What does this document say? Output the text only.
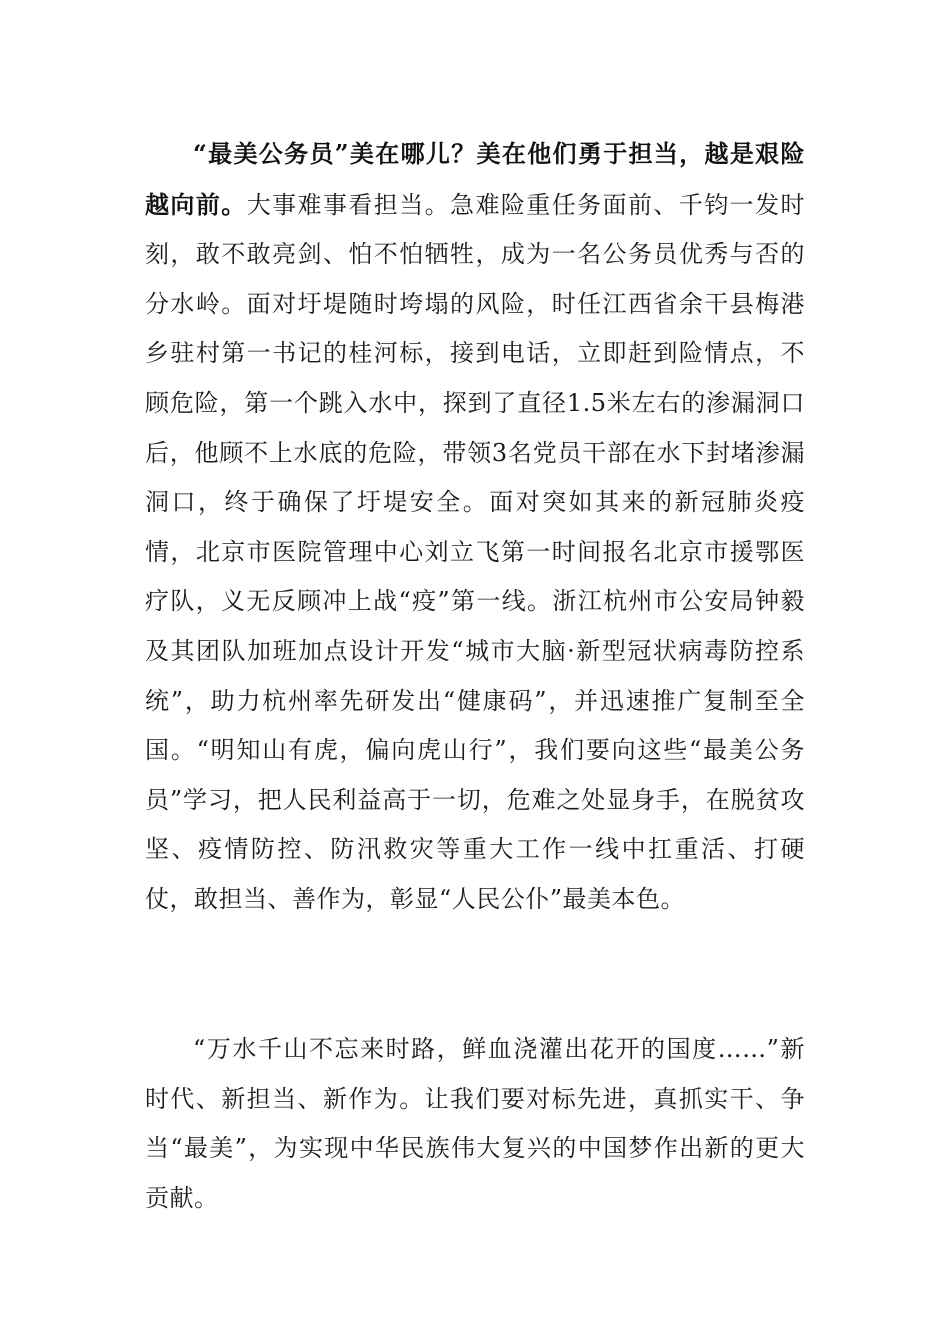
“最美公务员”美在哪儿？美在他们勇于担当，越是艰险越向前。大事难事看担当。急难险重任务面前、千钧一发时刻，敢不敢亮剑、怕不怕牺牲，成为一名公务员优秀与否的分水岭。面对圩堤随时垮塌的风险，时任江西省余干县梅港乡驻村第一书记的桂河标，接到电话，立即赶到险情点，不顾危险，第一个跳入水中，探到了直径1.5米左右的渗漏洞口后，他顾不上水底的危险，带领3名党员干部在水下封堵渗漏洞口，终于确保了圩堤安全。面对突如其来的新冠肺炎疫情，北京市医院管理中心刘立飞第一时间报名北京市援鄂医疗队，义无反顾冲上战“疫”第一线。浙江杭州市公安局钟毅及其团队加班加点设计开发“城市大脑·新型冠状病毒防控系统”，助力杭州率先研发出“健康码”，并迅速推广复制至全国。“明知山有虎，偏向虎山行”，我们要向这些“最美公务员”学习，把人民利益高于一切，危难之处显身手，在脱贫攻坚、疫情防控、防汛救灾等重大工作一线中扛重活、打硬仗，敢担当、善作为，彰显“人民公仆”最美本色。

“万水千山不忘来时路，鲜血浇灌出花开的国度……”新时代、新担当、新作为。让我们要对标先进，真抓实干、争当“最美”，为实现中华民族伟大复兴的中国梦作出新的更大贡献。
